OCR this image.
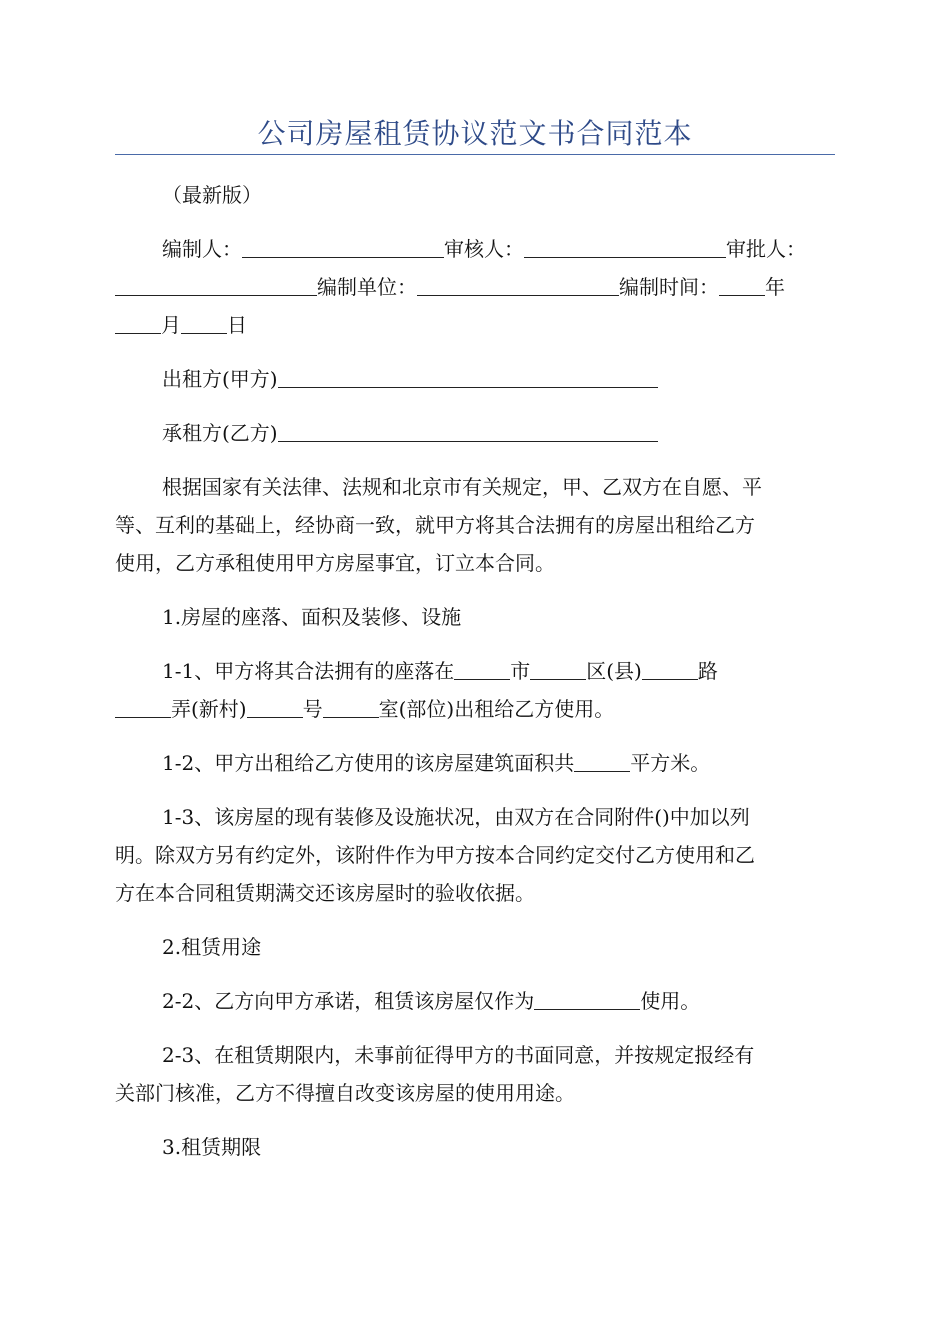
公司房屋租赁协议范文书合同范本
（最新版）
编制人：	审核人：	审批人：
编制单位：	编制时间： 年
月 日
出租方(甲方)
承租方(乙方)
根据国家有关法律、法规和北京市有关规定，甲、乙双方在自愿、平
等、互利的基础上，经协商一致，就甲方将其合法拥有的房屋出租给乙方
使用，乙方承租使用甲方房屋事宜，订立本合同。
1.房屋的座落、面积及装修、设施
1-1、甲方将其合法拥有的座落在	市	区(县)	路
弄(新村)	号	室(部位)出租给乙方使用。
1-2、甲方出租给乙方使用的该房屋建筑面积共	平方米。
1-3、该房屋的现有装修及设施状况，由双方在合同附件()中加以列
明。除双方另有约定外，该附件作为甲方按本合同约定交付乙方使用和乙
方在本合同租赁期满交还该房屋时的验收依据。
2.租赁用途
2-2、乙方向甲方承诺，租赁该房屋仅作为	使用。
2-3、在租赁期限内，未事前征得甲方的书面同意，并按规定报经有
关部门核准，乙方不得擅自改变该房屋的使用用途。
3.租赁期限
